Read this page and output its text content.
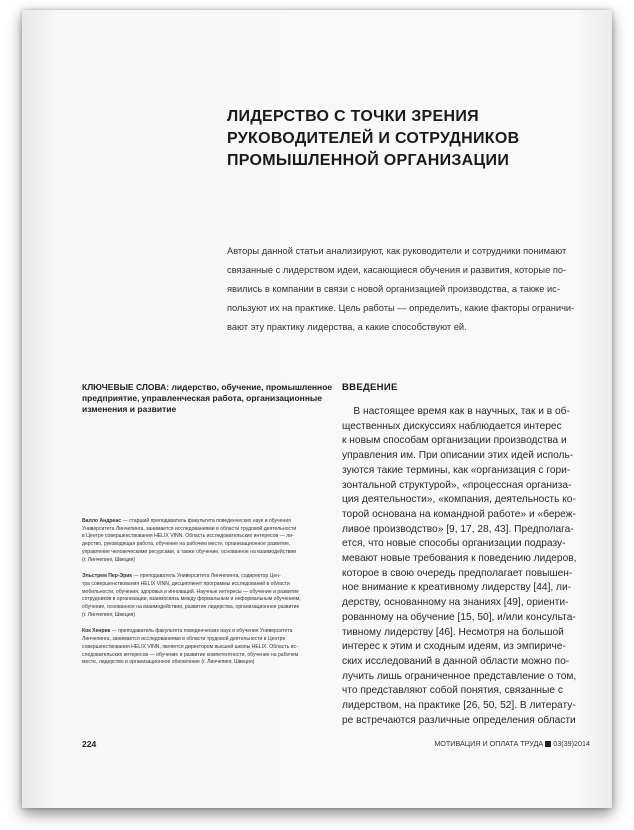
ЛИДЕРСТВО С ТОЧКИ ЗРЕНИЯ
РУКОВОДИТЕЛЕЙ И СОТРУДНИКОВ
ПРОМЫШЛЕННОЙ ОРГАНИЗАЦИИ
Авторы данной статьи анализируют, как руководители и сотрудники понимают
связанные с лидерством идеи, касающиеся обучения и развития, которые по-
явились в компании в связи с новой организацией производства, а также ис-
пользуют их на практике. Цель работы — определить, какие факторы ограничи-
вают эту практику лидерства, а какие способствуют ей.
КЛЮЧЕВЫЕ СЛОВА: лидерство, обучение, промышленное
предприятие, управленческая работа, организационные
изменения и развитие
Валло Андреас — старший преподаватель факультета поведенческих наук и обучения
Университета Линчепинга, занимается исследованиями в области трудовой деятельности
в Центре совершенствования HELIX VINN. Область исследовательских интересов — ли-
дерство, руководящая работа, обучение на рабочем месте, организационное развитие,
управление человеческими ресурсами, а также обучение, основанное на взаимодействии
(г. Линчепинг, Швеция)
Эльстрем Пер-Эрик — преподаватель Университета Линчепинга, содиректор Цен-
тра совершенствования HELIX VINN, дисциплинет программы исследований в области
мобильности, обучения, здоровья и инноваций. Научные интересы — обучение и развитие
сотрудников в организации, взаимосвязь между формальным и неформальным обучением,
обучение, основанное на взаимодействии, развитие лидерства, организационное развитие
(г. Линчепинг, Швеция)
Кок Хенрик — преподаватель факультета поведенческих наук и обучения Университета
Линчепинга, занимается исследованиями в области трудовой деятельности в Центре
совершенствования HELIX VINN, является директором высшей школы HELIX. Область ис-
следовательских интересов — обучение и развитие компетентности, обучение на рабочем
месте, лидерство и организационное обновление (г. Линчепинг, Швеция)
ВВЕДЕНИЕ
В настоящее время как в научных, так и в об-
щественных дискуссиях наблюдается интерес
к новым способам организации производства и
управления им. При описании этих идей исполь-
зуются такие термины, как «организация с гори-
зонтальной структурой», «процессная организа-
ция деятельности», «компания, деятельность ко-
торой основана на командной работе» и «береж-
ливое производство» [9, 17, 28, 43]. Предполага-
ется, что новые способы организации подразу-
мевают новые требования к поведению лидеров,
которое в свою очередь предполагает повышен-
ное внимание к креативному лидерству [44], ли-
дерству, основанному на знаниях [49], ориенти-
рованному на обучение [15, 50], и/или консульта-
тивному лидерству [46]. Несмотря на большой
интерес к этим и сходным идеям, из эмпириче-
ских исследований в данной области можно по-
лучить лишь ограниченное представление о том,
что представляют собой понятия, связанные с
лидерством, на практике [26, 50, 52]. В литерату-
ре встречаются различные определения области
224	МОТИВАЦИЯ И ОПЛАТА ТРУДА 03(39)2014
